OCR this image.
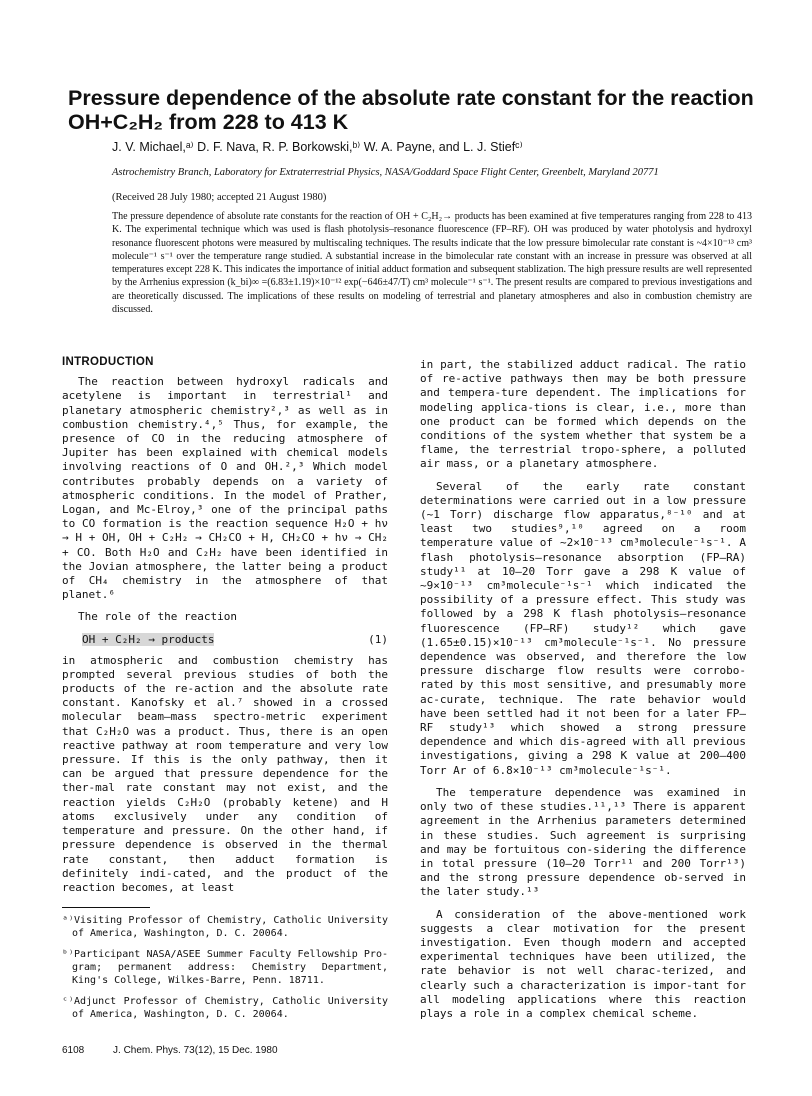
Pressure dependence of the absolute rate constant for the reaction OH+C₂H₂ from 228 to 413 K
J. V. Michael,ᵃ⁾ D. F. Nava, R. P. Borkowski,ᵇ⁾ W. A. Payne, and L. J. Stiefᶜ⁾
Astrochemistry Branch, Laboratory for Extraterrestrial Physics, NASA/Goddard Space Flight Center, Greenbelt, Maryland 20771
(Received 28 July 1980; accepted 21 August 1980)

The pressure dependence of absolute rate constants for the reaction of OH + C₂H₂→ products has been examined at five temperatures ranging from 228 to 413 K. The experimental technique which was used is flash photolysis–resonance fluorescence (FP–RF). OH was produced by water photolysis and hydroxyl resonance fluorescent photons were measured by multiscaling techniques. The results indicate that the low pressure bimolecular rate constant is ~4×10⁻¹³ cm³ molecule⁻¹ s⁻¹ over the temperature range studied. A substantial increase in the bimolecular rate constant with an increase in pressure was observed at all temperatures except 228 K. This indicates the importance of initial adduct formation and subsequent stablization. The high pressure results are well represented by the Arrhenius expression (k_bi)∞ =(6.83±1.19)×10⁻¹² exp(−646±47/T) cm³ molecule⁻¹ s⁻¹. The present results are compared to previous investigations and are theoretically discussed. The implications of these results on modeling of terrestrial and planetary atmospheres and also in combustion chemistry are discussed.

INTRODUCTION

The reaction between hydroxyl radicals and acetylene is important in terrestrial¹ and planetary atmospheric chemistry²,³ as well as in combustion chemistry.⁴,⁵ Thus, for example, the presence of CO in the reducing atmosphere of Jupiter has been explained with chemical models involving reactions of O and OH.²,³ Which model contributes probably depends on a variety of atmospheric conditions. In the model of Prather, Logan, and Mc-Elroy,³ one of the principal paths to CO formation is the reaction sequence H₂O + hν → H + OH, OH + C₂H₂ → CH₂CO + H, CH₂CO + hν → CH₂ + CO. Both H₂O and C₂H₂ have been identified in the Jovian atmosphere, the latter being a product of CH₄ chemistry in the atmosphere of that planet.⁶

The role of the reaction

OH + C₂H₂ → products	(1)

in atmospheric and combustion chemistry has prompted several previous studies of both the products of the re-action and the absolute rate constant. Kanofsky et al.⁷ showed in a crossed molecular beam–mass spectro-metric experiment that C₂H₂O was a product. Thus, there is an open reactive pathway at room temperature and very low pressure. If this is the only pathway, then it can be argued that pressure dependence for the ther-mal rate constant may not exist, and the reaction yields C₂H₂O (probably ketene) and H atoms exclusively under any condition of temperature and pressure. On the other hand, if pressure dependence is observed in the thermal rate constant, then adduct formation is definitely indi-cated, and the product of the reaction becomes, at least

ᵃ⁾Visiting Professor of Chemistry, Catholic University of America, Washington, D. C. 20064.

ᵇ⁾Participant NASA/ASEE Summer Faculty Fellowship Pro-gram; permanent address: Chemistry Department, King's College, Wilkes-Barre, Penn. 18711.

ᶜ⁾Adjunct Professor of Chemistry, Catholic University of America, Washington, D. C. 20064.

in part, the stabilized adduct radical. The ratio of re-active pathways then may be both pressure and tempera-ture dependent. The implications for modeling applica-tions is clear, i.e., more than one product can be formed which depends on the conditions of the system whether that system be a flame, the terrestrial tropo-sphere, a polluted air mass, or a planetary atmosphere.

Several of the early rate constant determinations were carried out in a low pressure (~1 Torr) discharge flow apparatus,⁸⁻¹⁰ and at least two studies⁹,¹⁰ agreed on a room temperature value of ~2×10⁻¹³ cm³molecule⁻¹s⁻¹. A flash photolysis–resonance absorption (FP–RA) study¹¹ at 10–20 Torr gave a 298 K value of ~9×10⁻¹³ cm³molecule⁻¹s⁻¹ which indicated the possibility of a pressure effect. This study was followed by a 298 K flash photolysis–resonance fluorescence (FP–RF) study¹² which gave (1.65±0.15)×10⁻¹³ cm³molecule⁻¹s⁻¹. No pressure dependence was observed, and therefore the low pressure discharge flow results were corrobo-rated by this most sensitive, and presumably more ac-curate, technique. The rate behavior would have been settled had it not been for a later FP–RF study¹³ which showed a strong pressure dependence and which dis-agreed with all previous investigations, giving a 298 K value at 200–400 Torr Ar of 6.8×10⁻¹³ cm³molecule⁻¹s⁻¹.

The temperature dependence was examined in only two of these studies.¹¹,¹³ There is apparent agreement in the Arrhenius parameters determined in these studies. Such agreement is surprising and may be fortuitous con-sidering the difference in total pressure (10–20 Torr¹¹ and 200 Torr¹³) and the strong pressure dependence ob-served in the later study.¹³

A consideration of the above-mentioned work suggests a clear motivation for the present investigation. Even though modern and accepted experimental techniques have been utilized, the rate behavior is not well charac-terized, and clearly such a characterization is impor-tant for all modeling applications where this reaction plays a role in a complex chemical scheme.

6108	J. Chem. Phys. 73(12), 15 Dec. 1980
